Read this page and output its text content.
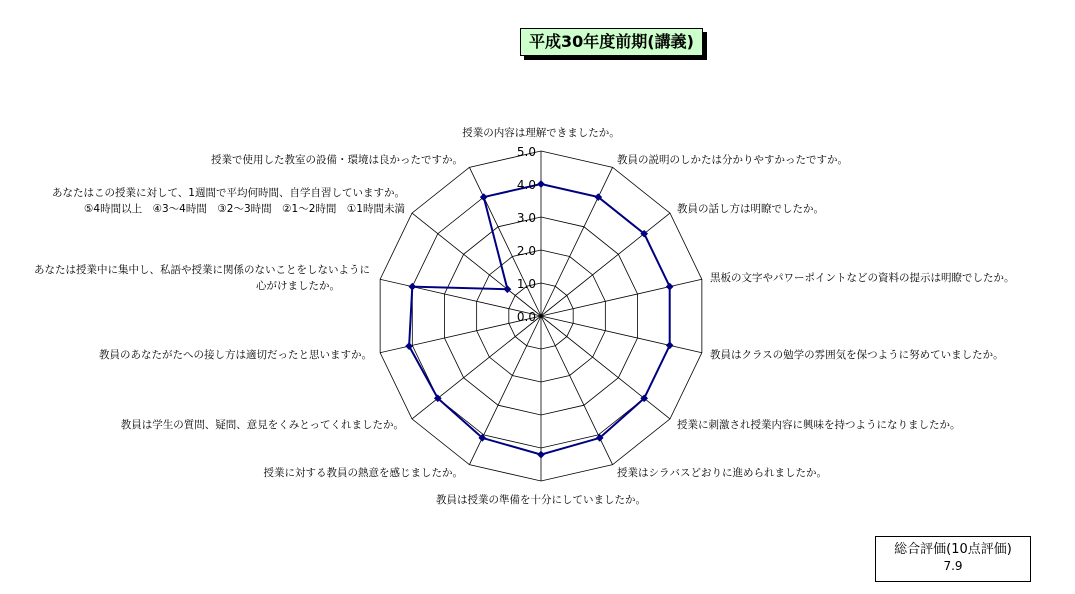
平成30年度前期(講義)
0.0
1.0
2.0
3.0
4.0
5.0
授業の内容は理解できましたか。
教員の説明のしかたは分かりやすかったですか。
教員の話し方は明瞭でしたか。
黒板の文字やパワーポイントなどの資料の提示は明瞭でしたか。
教員はクラスの勉学の雰囲気を保つように努めていましたか。
授業に刺激され授業内容に興味を持つようになりましたか。
授業はシラバスどおりに進められましたか。
教員は授業の準備を十分にしていましたか。
授業に対する教員の熱意を感じましたか。
教員は学生の質問、疑問、意見をくみとってくれましたか。
教員のあなたがたへの接し方は適切だったと思いますか。
あなたは授業中に集中し、私語や授業に関係のないことをしないように心がけましたか。
あなたはこの授業に対して、1週間で平均何時間、自学自習していますか。 ⑤4時間以上　④3～4時間　③2～3時間　②1～2時間　①1時間未満
授業で使用した教室の設備・環境は良かったですか。
総合評価(10点評価)
7.9
